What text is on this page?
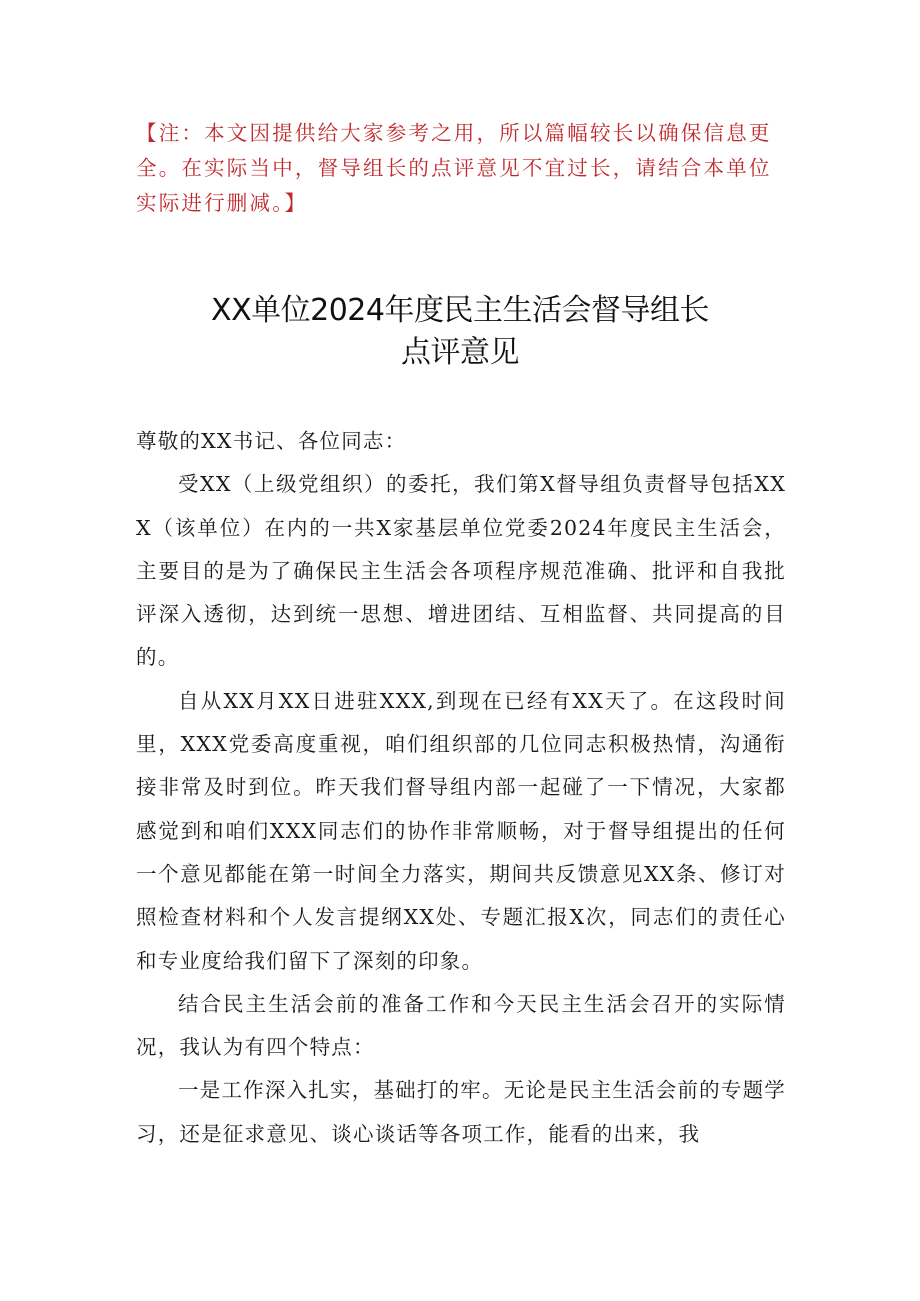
【注：本文因提供给大家参考之用，所以篇幅较长以确保信息更全。在实际当中，督导组长的点评意见不宜过长，请结合本单位实际进行删减。】
XX单位2024年度民主生活会督导组长
点评意见

尊敬的XX书记、各位同志：

受XX（上级党组织）的委托，我们第X督导组负责督导包括XXX（该单位）在内的一共X家基层单位党委2024年度民主生活会，主要目的是为了确保民主生活会各项程序规范准确、批评和自我批评深入透彻，达到统一思想、增进团结、互相监督、共同提高的目的。

自从XX月XX日进驻XXX,到现在已经有XX天了。在这段时间里，XXX党委高度重视，咱们组织部的几位同志积极热情，沟通衔接非常及时到位。昨天我们督导组内部一起碰了一下情况，大家都感觉到和咱们XXX同志们的协作非常顺畅，对于督导组提出的任何一个意见都能在第一时间全力落实，期间共反馈意见XX条、修订对照检查材料和个人发言提纲XX处、专题汇报X次，同志们的责任心和专业度给我们留下了深刻的印象。

结合民主生活会前的准备工作和今天民主生活会召开的实际情况，我认为有四个特点：

一是工作深入扎实，基础打的牢。无论是民主生活会前的专题学习，还是征求意见、谈心谈话等各项工作，能看的出来，我
